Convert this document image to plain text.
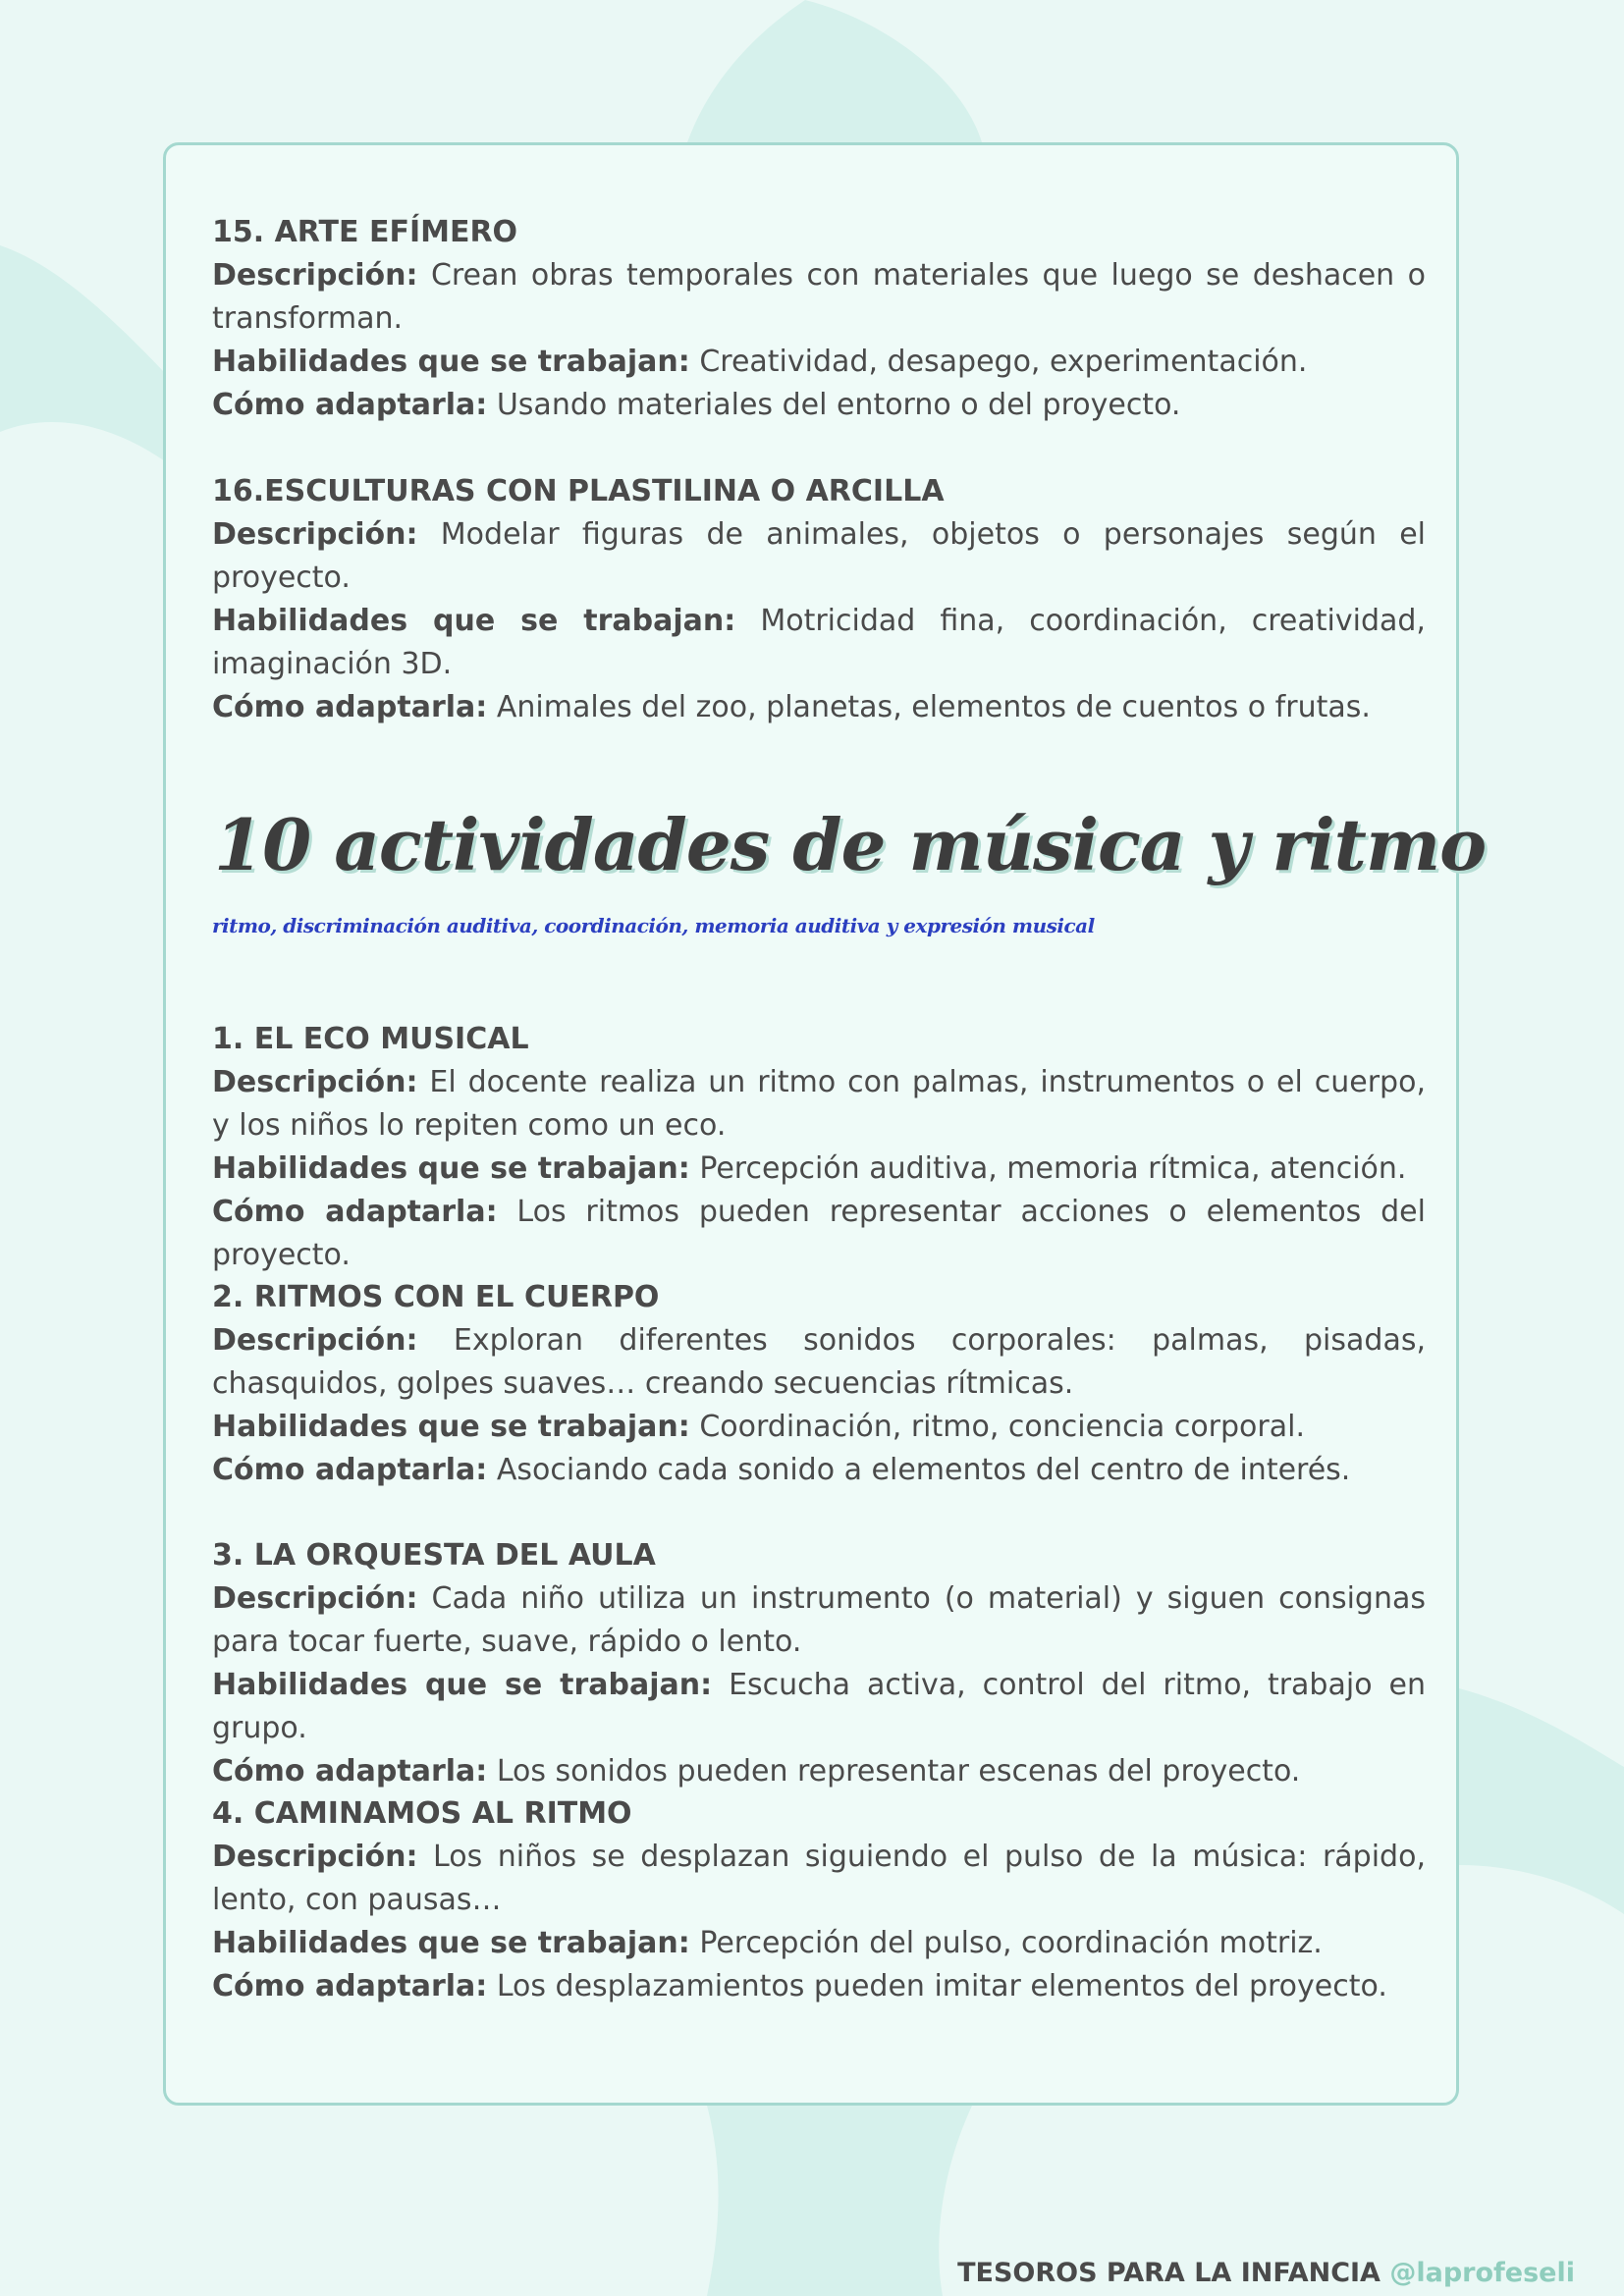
15. ARTE EFÍMERO

Descripción: Crean obras temporales con materiales que luego se deshacen o transforman.

Habilidades que se trabajan: Creatividad, desapego, experimentación.

Cómo adaptarla: Usando materiales del entorno o del proyecto.

16.ESCULTURAS CON PLASTILINA O ARCILLA

Descripción: Modelar figuras de animales, objetos o personajes según el proyecto.

Habilidades que se trabajan: Motricidad fina, coordinación, creatividad, imaginación 3D.

Cómo adaptarla: Animales del zoo, planetas, elementos de cuentos o frutas.

10 actividades de música y ritmo
ritmo, discriminación auditiva, coordinación, memoria auditiva y expresión musical
1. EL ECO MUSICAL

Descripción: El docente realiza un ritmo con palmas, instrumentos o el cuerpo, y los niños lo repiten como un eco.

Habilidades que se trabajan: Percepción auditiva, memoria rítmica, atención.

Cómo adaptarla: Los ritmos pueden representar acciones o elementos del proyecto.

2. RITMOS CON EL CUERPO

Descripción: Exploran diferentes sonidos corporales: palmas, pisadas, chasquidos, golpes suaves… creando secuencias rítmicas.

Habilidades que se trabajan: Coordinación, ritmo, conciencia corporal.

Cómo adaptarla: Asociando cada sonido a elementos del centro de interés.

3. LA ORQUESTA DEL AULA

Descripción: Cada niño utiliza un instrumento (o material) y siguen consignas para tocar fuerte, suave, rápido o lento.

Habilidades que se trabajan: Escucha activa, control del ritmo, trabajo en grupo.

Cómo adaptarla: Los sonidos pueden representar escenas del proyecto.

4. CAMINAMOS AL RITMO

Descripción: Los niños se desplazan siguiendo el pulso de la música: rápido, lento, con pausas…

Habilidades que se trabajan: Percepción del pulso, coordinación motriz.

Cómo adaptarla: Los desplazamientos pueden imitar elementos del proyecto.

TESOROS PARA LA INFANCIA @laprofeseli
